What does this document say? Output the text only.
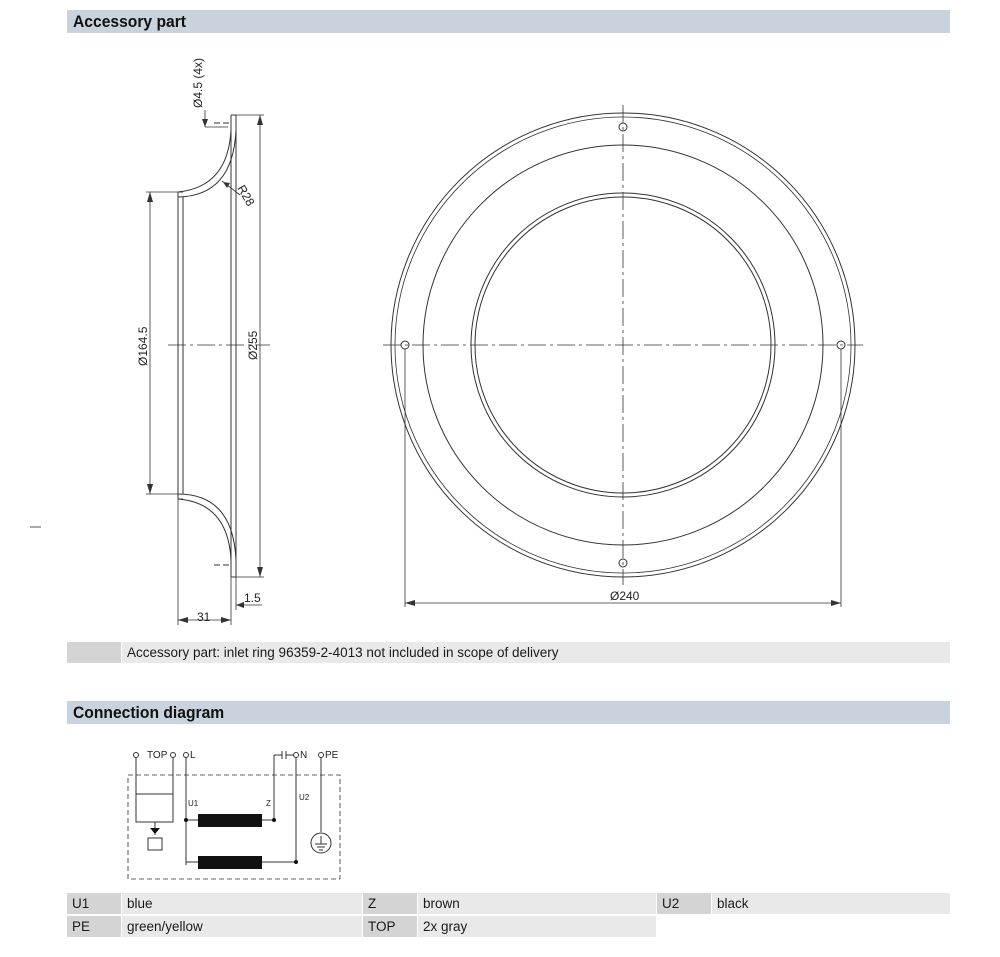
Accessory part
Ø4.5 (4x)
R28
Ø164.5	Ø255
31
1.5	Ø240
Accessory part: inlet ring 96359-2-4013 not included in scope of delivery
Connection diagram
TOP L	N PE
U1	Z
U2
U1	blue	Z	brown	U2	black
PE	green/yellow	TOP	2x gray
